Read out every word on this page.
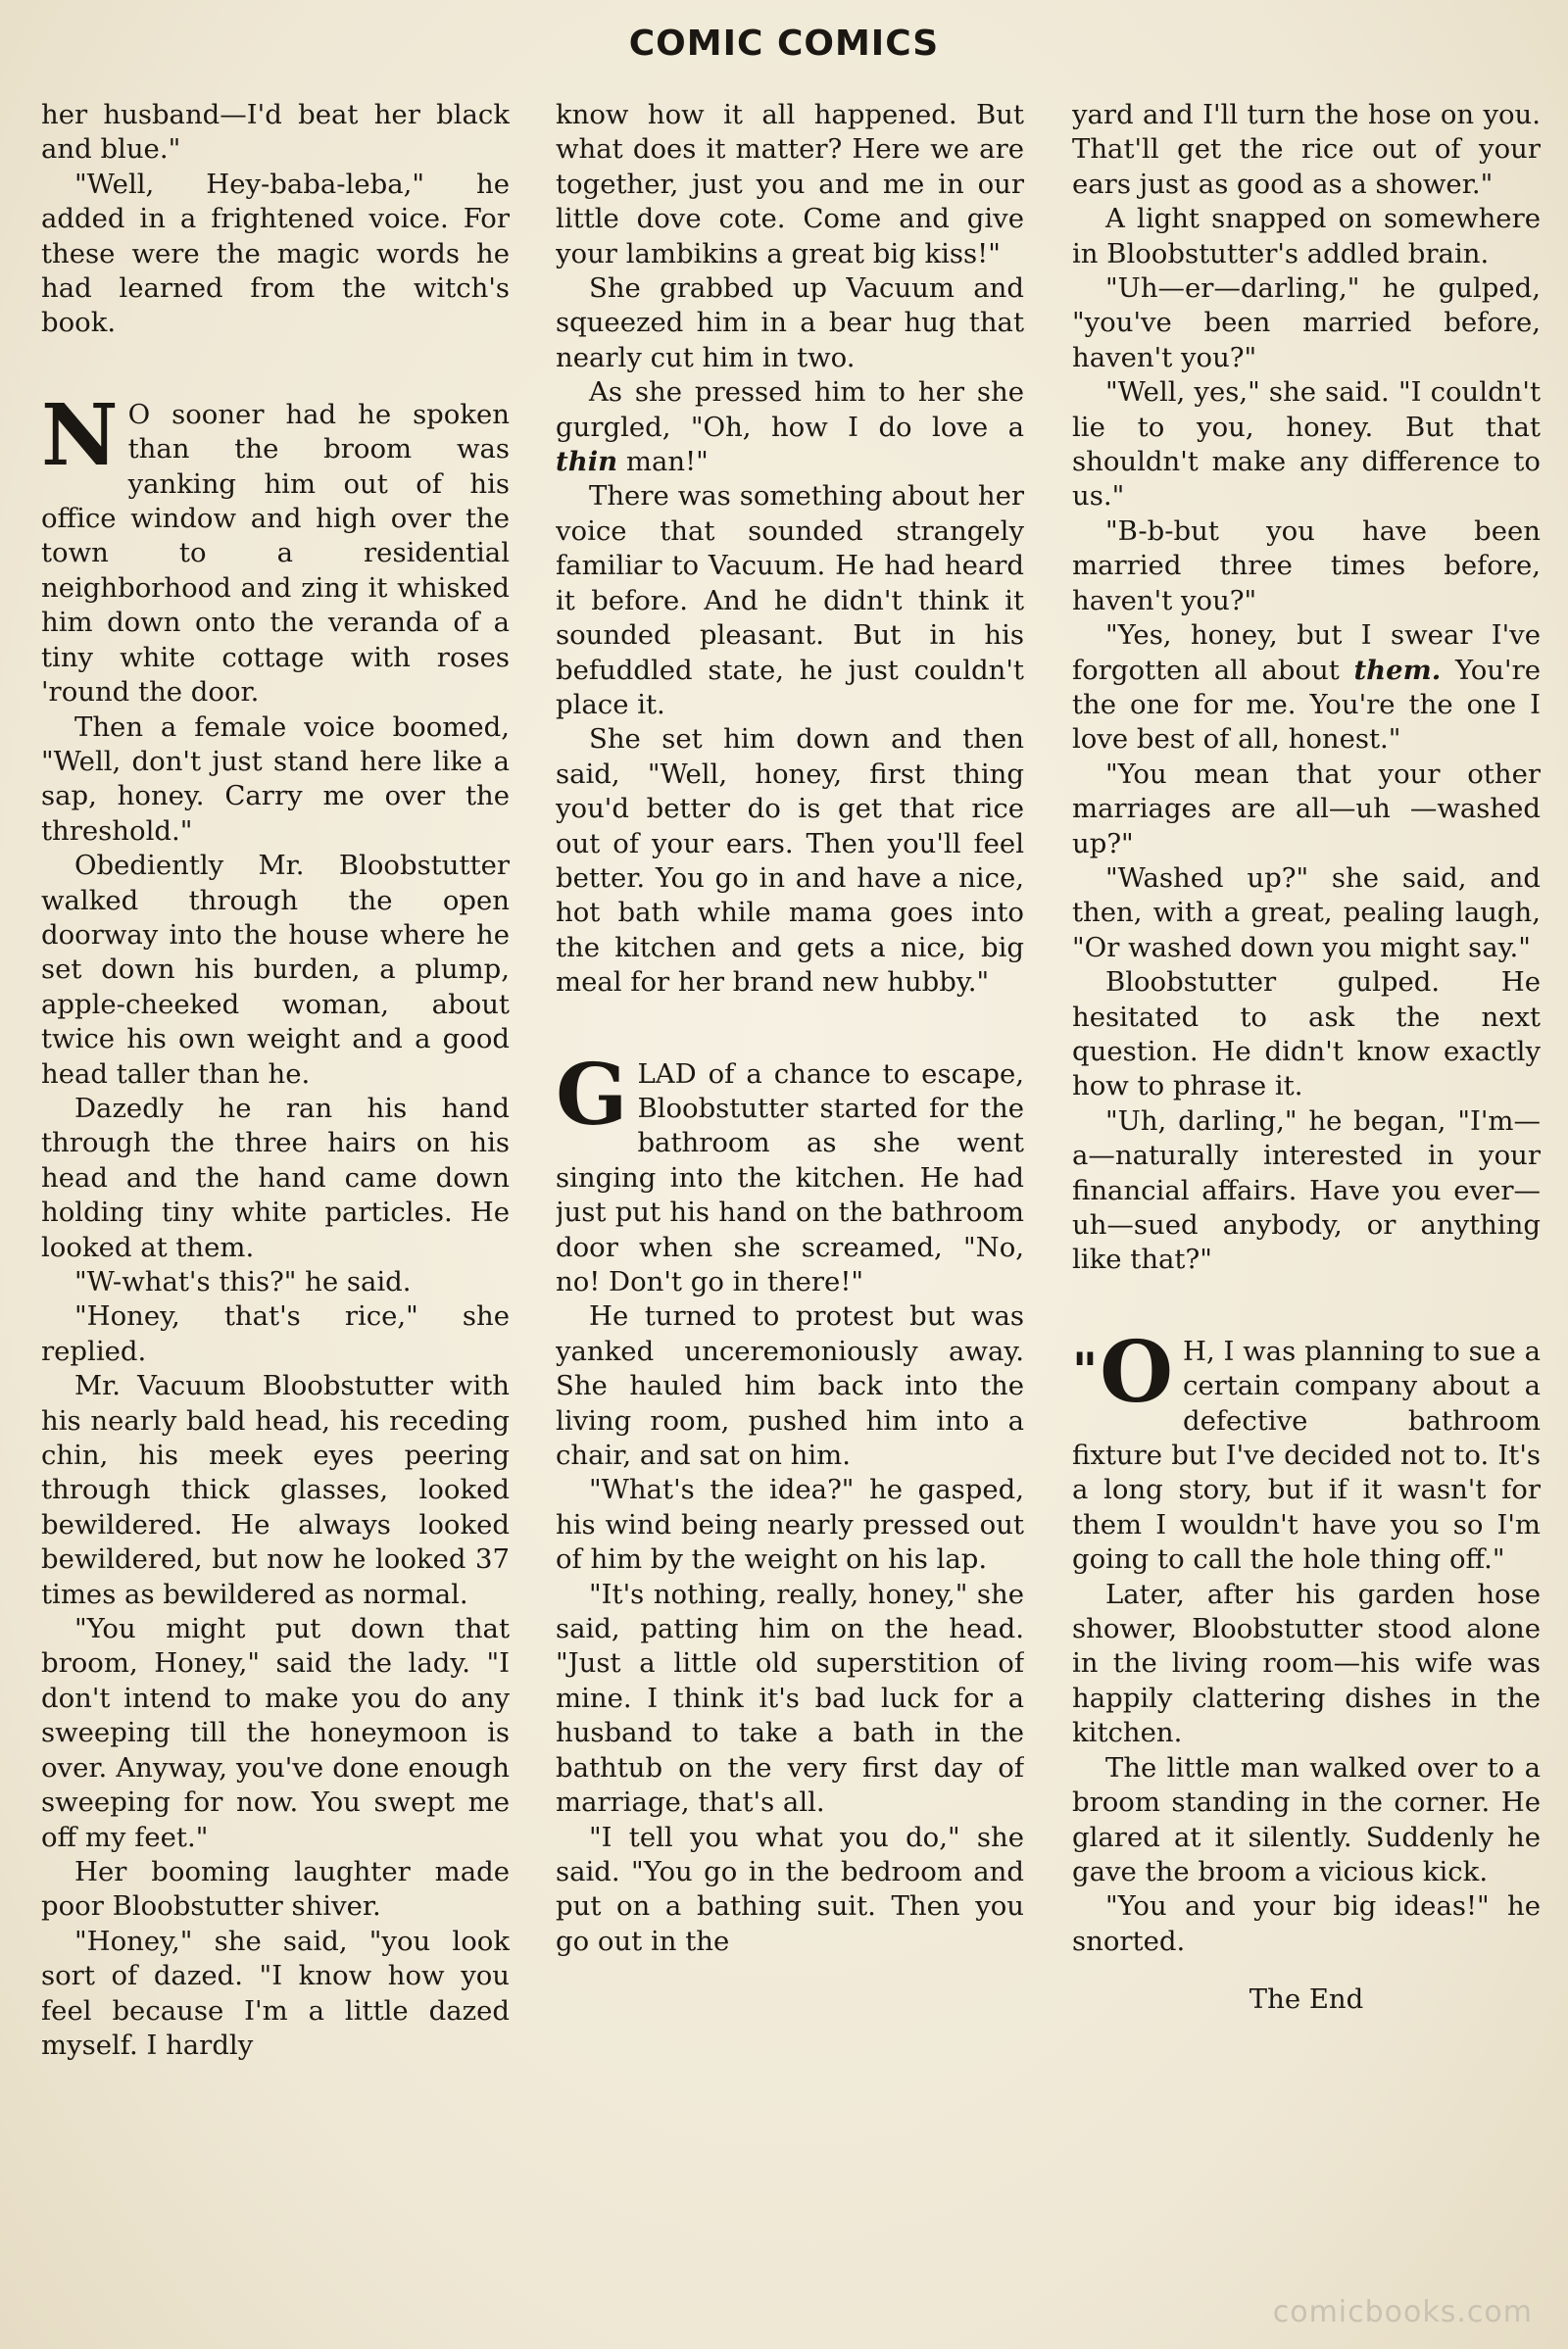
COMIC COMICS

her husband—I'd beat her black and blue."

"Well, Hey-baba-leba," he added in a frightened voice. For these were the magic words he had learned from the witch's book.

N O sooner had he spoken than the broom was yanking him out of his office window and high over the town to a residential neighborhood and zing it whisked him down onto the veranda of a tiny white cottage with roses 'round the door.

Then a female voice boomed, "Well, don't just stand here like a sap, honey. Carry me over the threshold."

Obediently Mr. Bloobstutter walked through the open doorway into the house where he set down his burden, a plump, apple-cheeked woman, about twice his own weight and a good head taller than he.

Dazedly he ran his hand through the three hairs on his head and the hand came down holding tiny white particles. He looked at them.

"W-what's this?" he said.

"Honey, that's rice," she replied.

Mr. Vacuum Bloobstutter with his nearly bald head, his receding chin, his meek eyes peering through thick glasses, looked bewildered. He always looked bewildered, but now he looked 37 times as bewildered as normal.

"You might put down that broom, Honey," said the lady. "I don't intend to make you do any sweeping till the honeymoon is over. Anyway, you've done enough sweeping for now. You swept me off my feet."

Her booming laughter made poor Bloobstutter shiver.

"Honey," she said, "you look sort of dazed. "I know how you feel because I'm a little dazed myself. I hardly

know how it all happened. But what does it matter? Here we are together, just you and me in our little dove cote. Come and give your lambikins a great big kiss!"

She grabbed up Vacuum and squeezed him in a bear hug that nearly cut him in two.

As she pressed him to her she gurgled, "Oh, how I do love a thin man!"

There was something about her voice that sounded strangely familiar to Vacuum. He had heard it before. And he didn't think it sounded pleasant. But in his befuddled state, he just couldn't place it.

She set him down and then said, "Well, honey, first thing you'd better do is get that rice out of your ears. Then you'll feel better. You go in and have a nice, hot bath while mama goes into the kitchen and gets a nice, big meal for her brand new hubby."

GLAD of a chance to escape, Bloobstutter started for the bathroom as she went singing into the kitchen. He had just put his hand on the bathroom door when she screamed, "No, no! Don't go in there!"

He turned to protest but was yanked unceremoniously away. She hauled him back into the living room, pushed him into a chair, and sat on him.

"What's the idea?" he gasped, his wind being nearly pressed out of him by the weight on his lap.

"It's nothing, really, honey," she said, patting him on the head. "Just a little old superstition of mine. I think it's bad luck for a husband to take a bath in the bathtub on the very first day of marriage, that's all.

"I tell you what you do," she said. "You go in the bedroom and put on a bathing suit. Then you go out in the

yard and I'll turn the hose on you. That'll get the rice out of your ears just as good as a shower."

A light snapped on somewhere in Bloobstutter's addled brain.

"Uh—er—darling," he gulped, "you've been married before, haven't you?"

"Well, yes," she said. "I couldn't lie to you, honey. But that shouldn't make any difference to us."

"B-b-but you have been married three times before, haven't you?"

"Yes, honey, but I swear I've forgotten all about them. You're the one for me. You're the one I love best of all, honest."

"You mean that your other marriages are all—uh —washed up?"

"Washed up?" she said, and then, with a great, pealing laugh, "Or washed down you might say."

Bloobstutter gulped. He hesitated to ask the next question. He didn't know exactly how to phrase it.

"Uh, darling," he began, "I'm—a—naturally interested in your financial affairs. Have you ever—uh—sued anybody, or anything like that?"

" O H, I was planning to sue a certain company about a defective bathroom fixture but I've decided not to. It's a long story, but if it wasn't for them I wouldn't have you so I'm going to call the hole thing off."

Later, after his garden hose shower, Bloobstutter stood alone in the living room—his wife was happily clattering dishes in the kitchen.

The little man walked over to a broom standing in the corner. He glared at it silently. Suddenly he gave the broom a vicious kick.

"You and your big ideas!" he snorted.

The End

comicbooks.com
